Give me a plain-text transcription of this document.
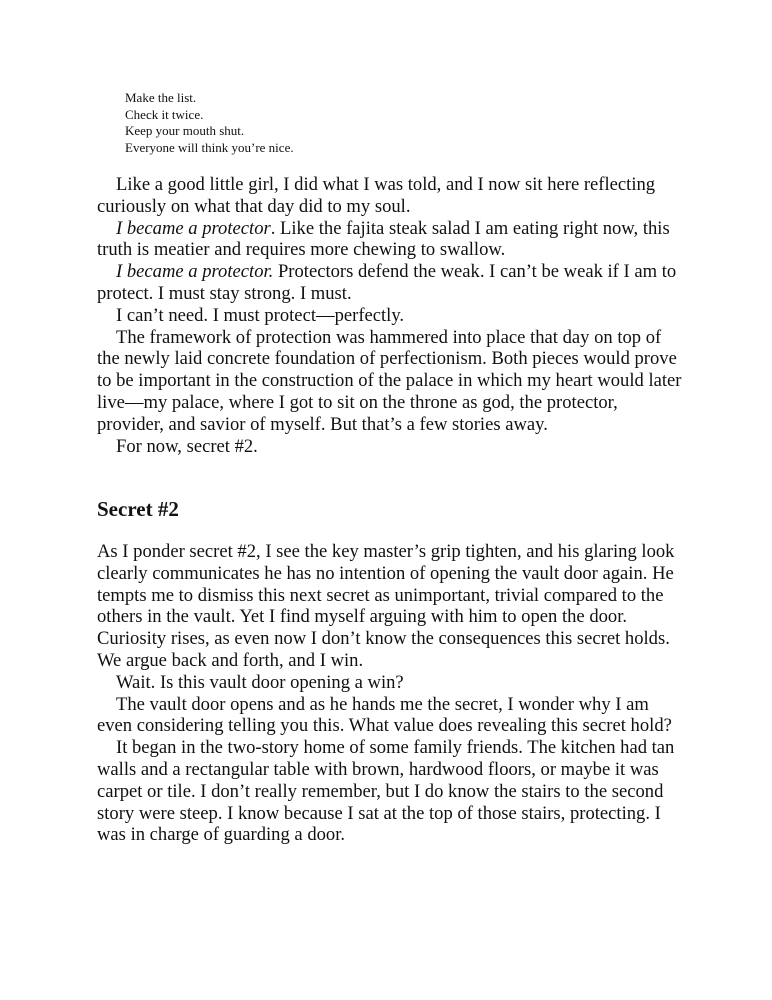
Make the list.
Check it twice.
Keep your mouth shut.
Everyone will think you’re nice.

Like a good little girl, I did what I was told, and I now sit here reflecting curiously on what that day did to my soul.

I became a protector. Like the fajita steak salad I am eating right now, this truth is meatier and requires more chewing to swallow.

I became a protector. Protectors defend the weak. I can’t be weak if I am to protect. I must stay strong. I must.

I can’t need. I must protect—perfectly.

The framework of protection was hammered into place that day on top of the newly laid concrete foundation of perfectionism. Both pieces would prove to be important in the construction of the palace in which my heart would later live—my palace, where I got to sit on the throne as god, the protector, provider, and savior of myself. But that’s a few stories away.

For now, secret #2.

Secret #2

As I ponder secret #2, I see the key master’s grip tighten, and his glaring look clearly communicates he has no intention of opening the vault door again. He tempts me to dismiss this next secret as unimportant, trivial compared to the others in the vault. Yet I find myself arguing with him to open the door. Curiosity rises, as even now I don’t know the consequences this secret holds. We argue back and forth, and I win.

Wait. Is this vault door opening a win?

The vault door opens and as he hands me the secret, I wonder why I am even considering telling you this. What value does revealing this secret hold?

It began in the two-story home of some family friends. The kitchen had tan walls and a rectangular table with brown, hardwood floors, or maybe it was carpet or tile. I don’t really remember, but I do know the stairs to the second story were steep. I know because I sat at the top of those stairs, protecting. I was in charge of guarding a door.
